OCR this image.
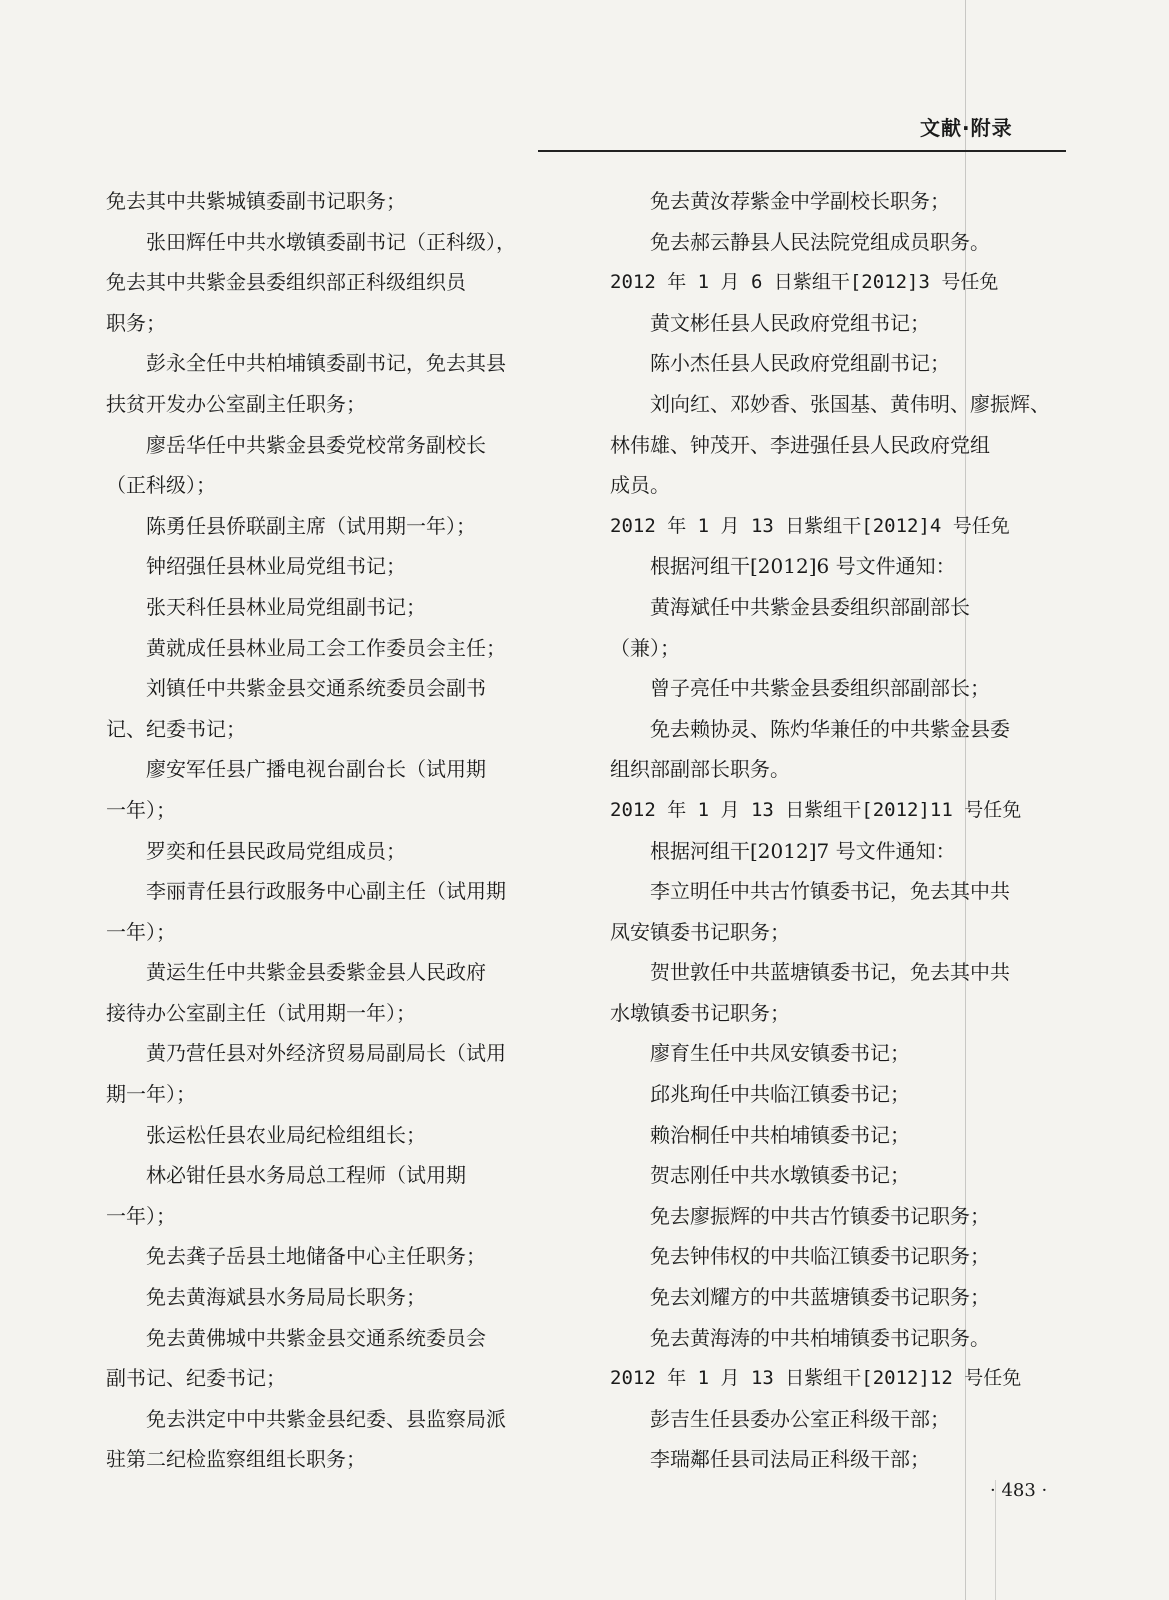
文献·附录
免去其中共紫城镇委副书记职务；
张田辉任中共水墩镇委副书记（正科级），
免去其中共紫金县委组织部正科级组织员
职务；
彭永全任中共柏埔镇委副书记，免去其县
扶贫开发办公室副主任职务；
廖岳华任中共紫金县委党校常务副校长
（正科级）；
陈勇任县侨联副主席（试用期一年）；
钟绍强任县林业局党组书记；
张天科任县林业局党组副书记；
黄就成任县林业局工会工作委员会主任；
刘镇任中共紫金县交通系统委员会副书
记、纪委书记；
廖安军任县广播电视台副台长（试用期
一年）；
罗奕和任县民政局党组成员；
李丽青任县行政服务中心副主任（试用期
一年）；
黄运生任中共紫金县委紫金县人民政府
接待办公室副主任（试用期一年）；
黄乃营任县对外经济贸易局副局长（试用
期一年）；
张运松任县农业局纪检组组长；
林必钳任县水务局总工程师（试用期
一年）；
免去龚子岳县土地储备中心主任职务；
免去黄海斌县水务局局长职务；
免去黄佛城中共紫金县交通系统委员会
副书记、纪委书记；
免去洪定中中共紫金县纪委、县监察局派
驻第二纪检监察组组长职务；
免去黄汝荐紫金中学副校长职务；
免去郝云静县人民法院党组成员职务。
2012 年 1 月 6 日紫组干[2012]3 号任免
黄文彬任县人民政府党组书记；
陈小杰任县人民政府党组副书记；
刘向红、邓妙香、张国基、黄伟明、廖振辉、
林伟雄、钟茂开、李进强任县人民政府党组
成员。
2012 年 1 月 13 日紫组干[2012]4 号任免
根据河组干[2012]6 号文件通知：
黄海斌任中共紫金县委组织部副部长
（兼）；
曾子亮任中共紫金县委组织部副部长；
免去赖协灵、陈灼华兼任的中共紫金县委
组织部副部长职务。
2012 年 1 月 13 日紫组干[2012]11 号任免
根据河组干[2012]7 号文件通知：
李立明任中共古竹镇委书记，免去其中共
凤安镇委书记职务；
贺世敦任中共蓝塘镇委书记，免去其中共
水墩镇委书记职务；
廖育生任中共凤安镇委书记；
邱兆珣任中共临江镇委书记；
赖治桐任中共柏埔镇委书记；
贺志刚任中共水墩镇委书记；
免去廖振辉的中共古竹镇委书记职务；
免去钟伟权的中共临江镇委书记职务；
免去刘耀方的中共蓝塘镇委书记职务；
免去黄海涛的中共柏埔镇委书记职务。
2012 年 1 月 13 日紫组干[2012]12 号任免
彭吉生任县委办公室正科级干部；
李瑞鄰任县司法局正科级干部；
· 483 ·
